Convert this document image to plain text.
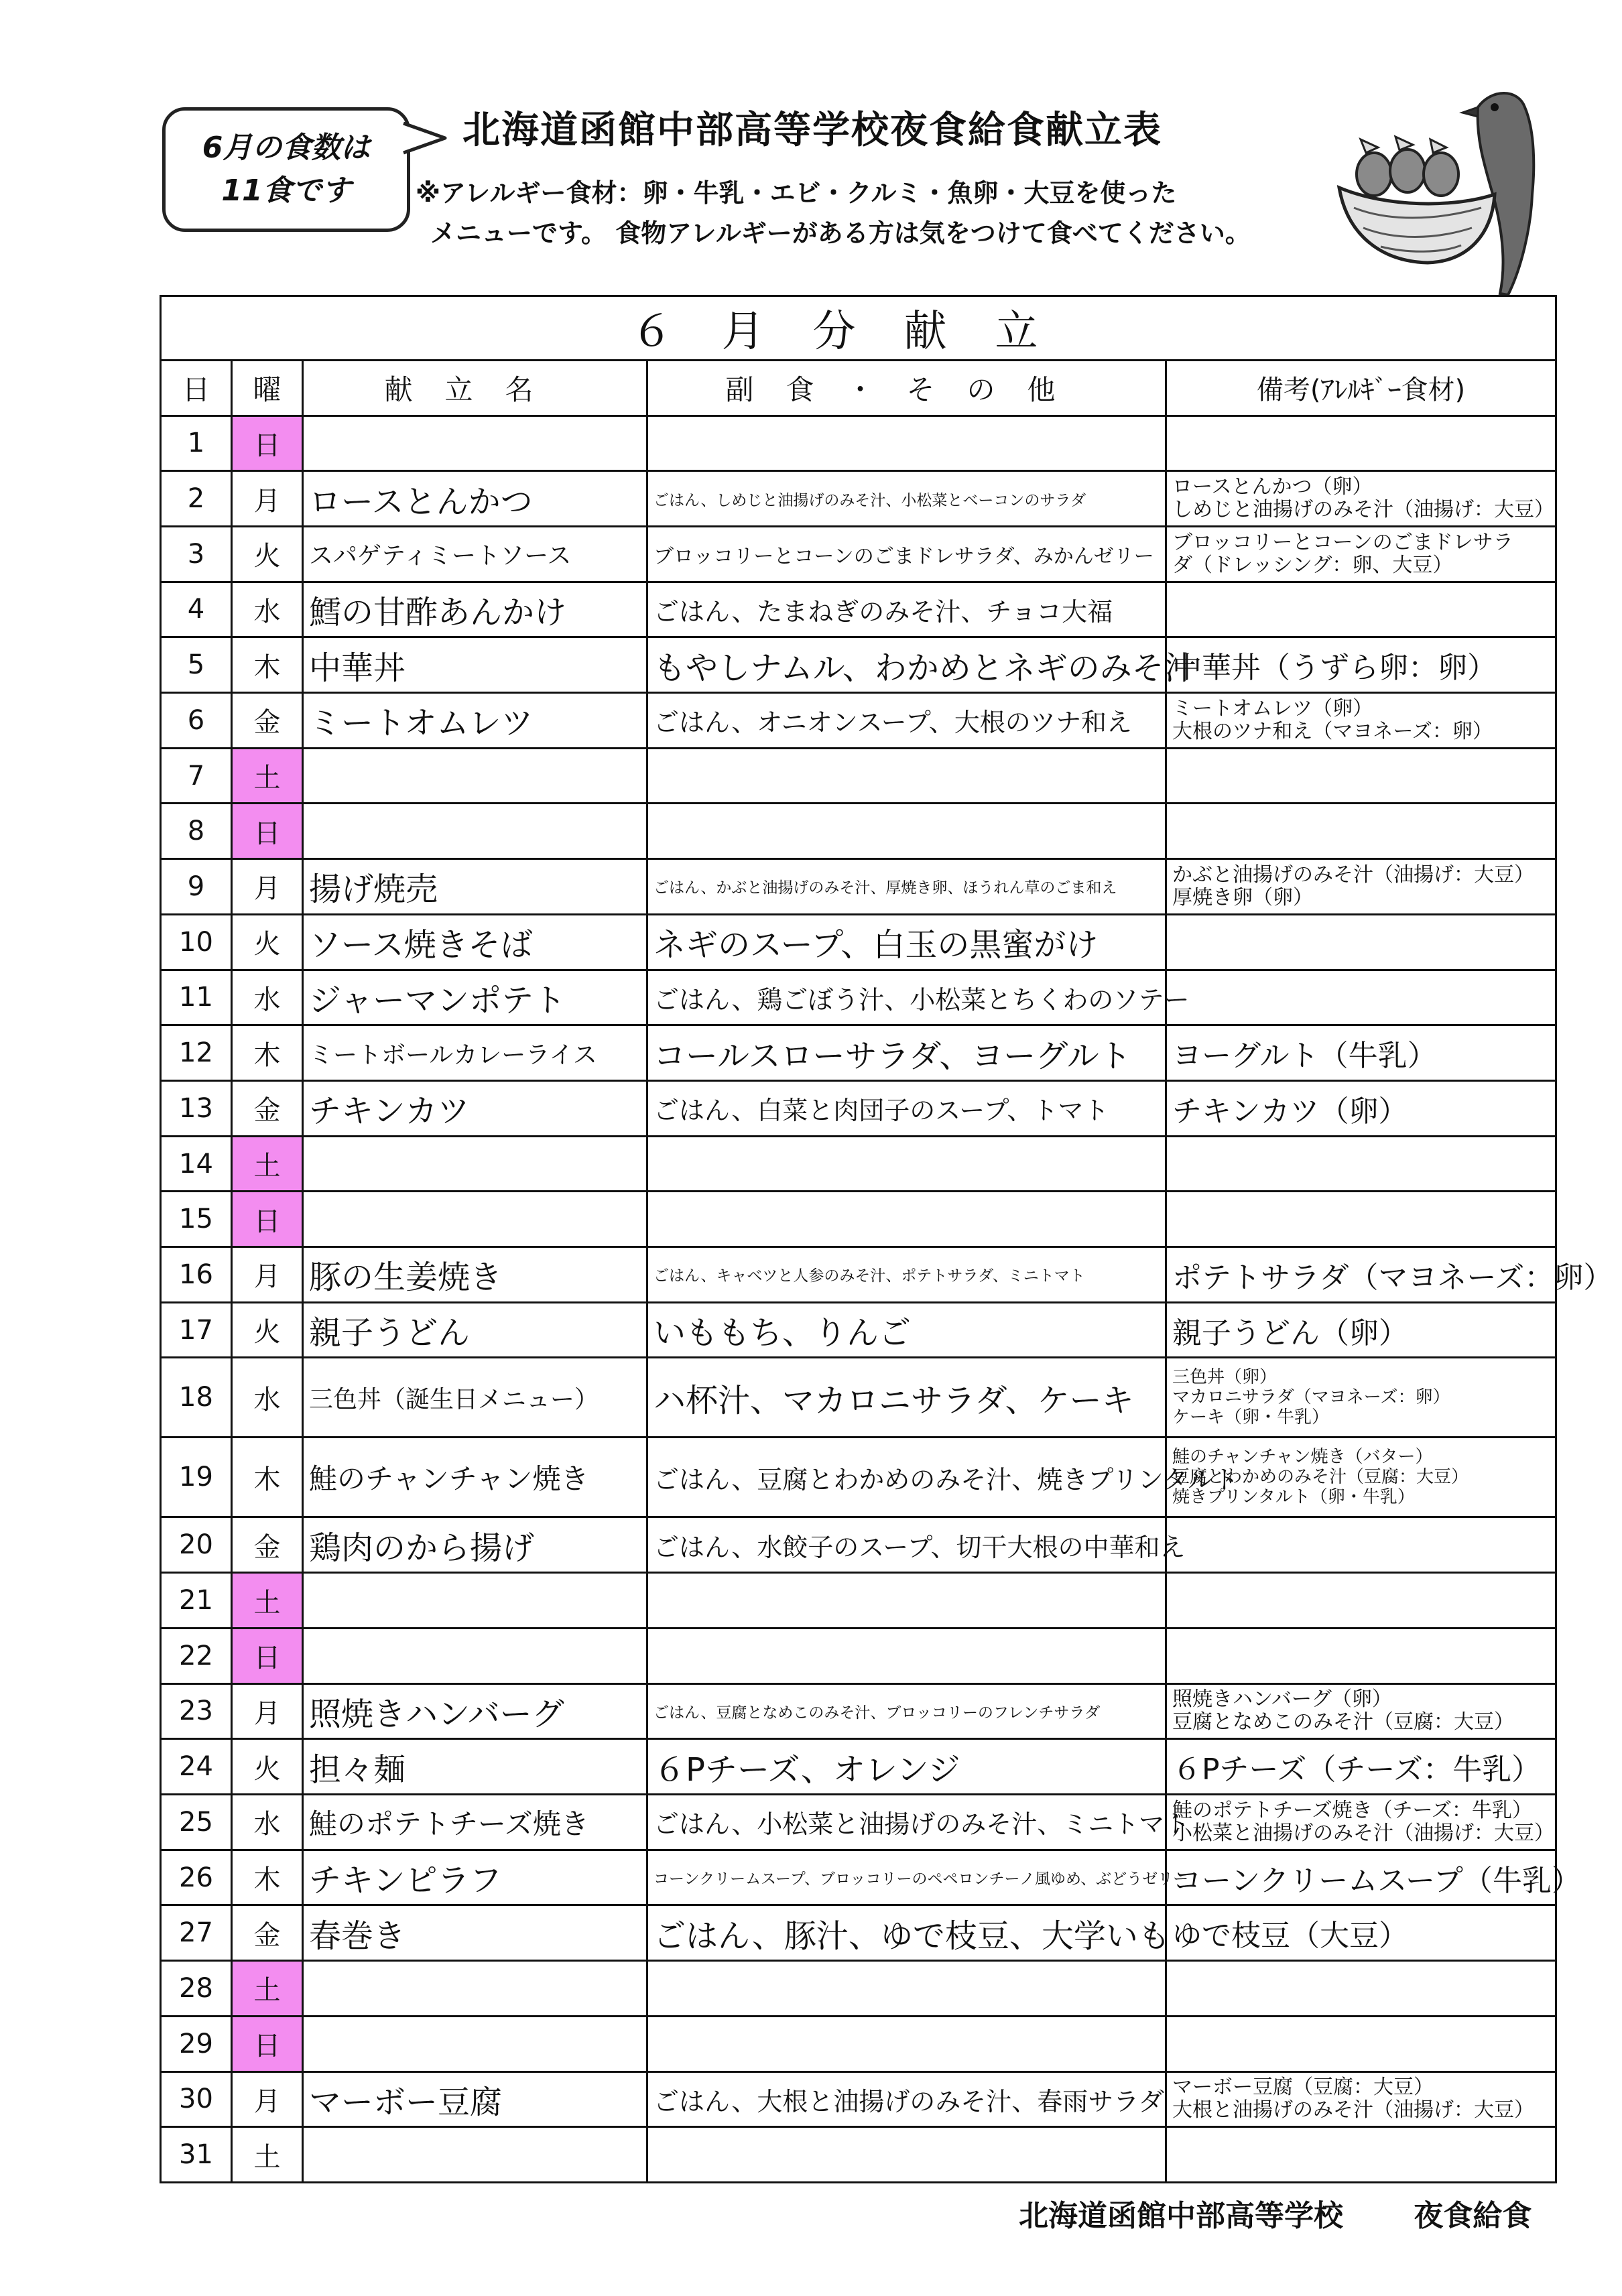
6月の食数は
11食です
北海道函館中部高等学校夜食給食献立表
※アレルギー食材：卵・牛乳・エビ・クルミ・魚卵・大豆を使った
メニューです。 食物アレルギーがある方は気をつけて食べてください。
６月分献立				
日	曜	献立名	副食・その他	備考(ｱﾚﾙｷﾞｰ食材)
1	日			
2	月	ロースとんかつ	ごはん、しめじと油揚げのみそ汁、小松菜とベーコンのサラダ	ロースとんかつ（卵）
しめじと油揚げのみそ汁（油揚げ：大豆）

3	火	スパゲティミートソース	ブロッコリーとコーンのごまドレサラダ、みかんゼリー	ブロッコリーとコーンのごまドレサラ
ダ（ドレッシング：卵、大豆）

4	水	鱈の甘酢あんかけ	ごはん、たまねぎのみそ汁、チョコ大福	
5	木	中華丼	もやしナムル、わかめとネギのみそ汁	中華丼（うずら卵：卵）

6	金	ミートオムレツ	ごはん、オニオンスープ、大根のツナ和え	ミートオムレツ（卵）
大根のツナ和え（マヨネーズ：卵）

7	土			
8	日			
9	月	揚げ焼売	ごはん、かぶと油揚げのみそ汁、厚焼き卵、ほうれん草のごま和え	かぶと油揚げのみそ汁（油揚げ：大豆）
厚焼き卵（卵）

10	火	ソース焼きそば	ネギのスープ、白玉の黒蜜がけ	
11	水	ジャーマンポテト	ごはん、鶏ごぼう汁、小松菜とちくわのソテー	
12	木	ミートボールカレーライス	コールスローサラダ、ヨーグルト	ヨーグルト（牛乳）

13	金	チキンカツ	ごはん、白菜と肉団子のスープ、トマト	チキンカツ（卵）

14	土			
15	日			
16	月	豚の生姜焼き	ごはん、キャベツと人参のみそ汁、ポテトサラダ、ミニトマト	ポテトサラダ（マヨネーズ：卵）

17	火	親子うどん	いももち、りんご	親子うどん（卵）

18	水	三色丼（誕生日メニュー）	ハ杯汁、マカロニサラダ、ケーキ	三色丼（卵）
マカロニサラダ（マヨネーズ：卵）
ケーキ（卵・牛乳）

19	木	鮭のチャンチャン焼き	ごはん、豆腐とわかめのみそ汁、焼きプリンタルト	鮭のチャンチャン焼き（バター）
豆腐とわかめのみそ汁（豆腐：大豆）
焼きプリンタルト（卵・牛乳）

20	金	鶏肉のから揚げ	ごはん、水餃子のスープ、切干大根の中華和え	
21	土			
22	日			
23	月	照焼きハンバーグ	ごはん、豆腐となめこのみそ汁、ブロッコリーのフレンチサラダ	照焼きハンバーグ（卵）
豆腐となめこのみそ汁（豆腐：大豆）

24	火	担々麺	６Pチーズ、オレンジ	６Pチーズ（チーズ：牛乳）

25	水	鮭のポテトチーズ焼き	ごはん、小松菜と油揚げのみそ汁、ミニトマト	鮭のポテトチーズ焼き（チーズ：牛乳）
小松菜と油揚げのみそ汁（油揚げ：大豆）

26	木	チキンピラフ	コーンクリームスープ、ブロッコリーのペペロンチーノ風ゆめ、ぶどうゼリー	コーンクリームスープ（牛乳）

27	金	春巻き	ごはん、豚汁、ゆで枝豆、大学いも	ゆで枝豆（大豆）

28	土			
29	日			
30	月	マーボー豆腐	ごはん、大根と油揚げのみそ汁、春雨サラダ	マーボー豆腐（豆腐：大豆）
大根と油揚げのみそ汁（油揚げ：大豆）

31	土			
北海道函館中部高等学校 夜食給食
